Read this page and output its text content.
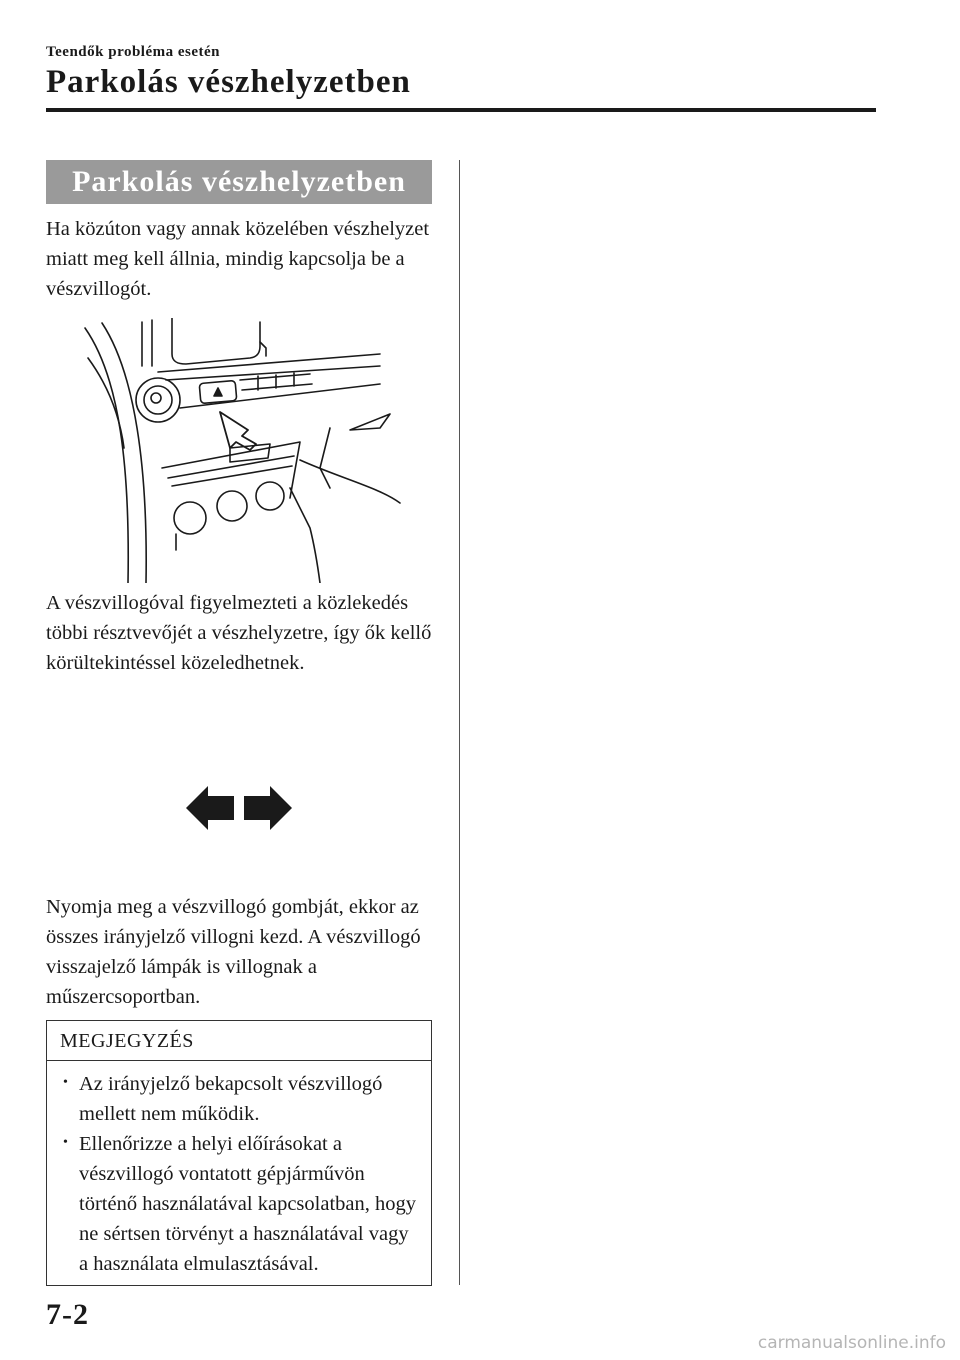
Teendők probléma esetén
Parkolás vészhelyzetben
Parkolás vészhelyzetben

Ha közúton vagy annak közelében vészhelyzet miatt meg kell állnia, mindig kapcsolja be a vészvillogót.

A vészvillogóval figyelmezteti a közlekedés többi résztvevőjét a vészhelyzetre, így ők kellő körültekintéssel közeledhetnek.

Nyomja meg a vészvillogó gombját, ekkor az összes irányjelző villogni kezd. A vészvillogó visszajelző lámpák is villognak a műszercsoportban.

MEGJEGYZÉS
• Az irányjelző bekapcsolt vészvillogó mellett nem működik.
• Ellenőrizze a helyi előírásokat a vészvillogó vontatott gépjárművön történő használatával kapcsolatban, hogy ne sértsen törvényt a használatával vagy a használata elmulasztásával.
7-2
carmanualsonline.info
